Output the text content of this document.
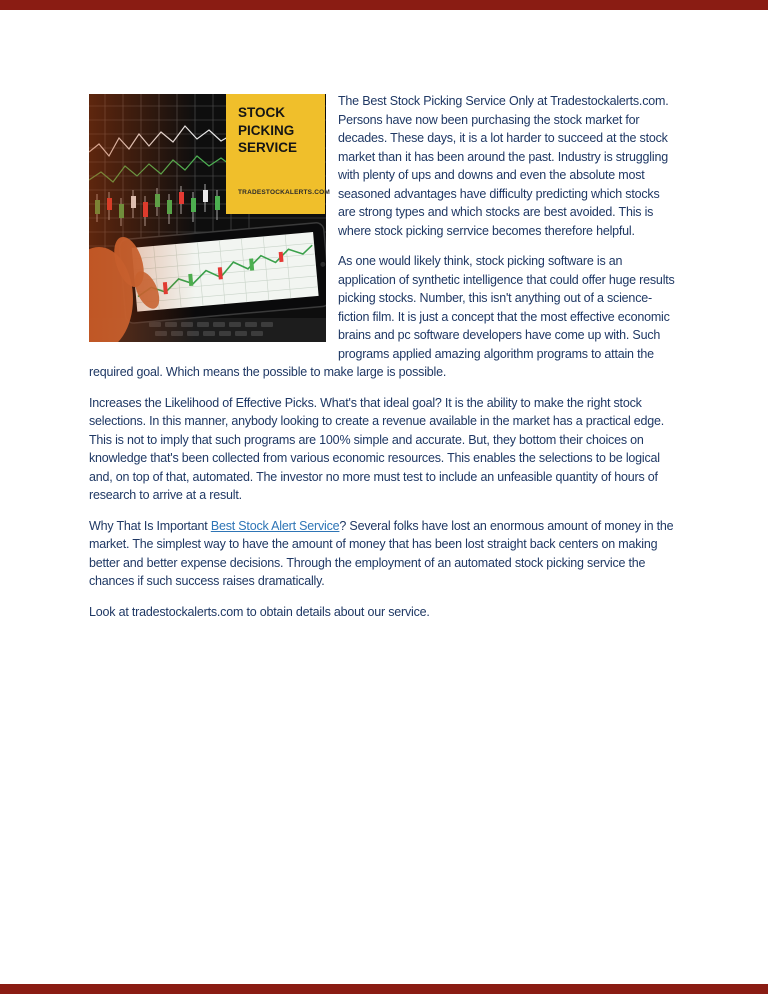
STOCK PICKING SERVICE
TRADESTOCKALERTS.COM

The Best Stock Picking Service Only at Tradestockalerts.com. Persons have now been purchasing the stock market for decades. These days, it is a lot harder to succeed at the stock market than it has been around the past. Industry is struggling with plenty of ups and downs and even the absolute most seasoned advantages have difficulty predicting which stocks are strong types and which stocks are best avoided. This is where stock picking serrvice becomes therefore helpful.

As one would likely think, stock picking software is an application of synthetic intelligence that could offer huge results picking stocks. Number, this isn't anything out of a science-fiction film. It is just a concept that the most effective economic brains and pc software developers have come up with. Such programs applied amazing algorithm programs to attain the required goal. Which means the possible to make large is possible.

Increases the Likelihood of Effective Picks. What's that ideal goal? It is the ability to make the right stock selections. In this manner, anybody looking to create a revenue available in the market has a practical edge. This is not to imply that such programs are 100% simple and accurate. But, they bottom their choices on knowledge that's been collected from various economic resources. This enables the selections to be logical and, on top of that, automated. The investor no more must test to include an unfeasible quantity of hours of research to arrive at a result.

Why That Is Important Best Stock Alert Service? Several folks have lost an enormous amount of money in the market. The simplest way to have the amount of money that has been lost straight back centers on making better and better expense decisions. Through the employment of an automated stock picking service the chances if such success raises dramatically.

Look at tradestockalerts.com to obtain details about our service.
